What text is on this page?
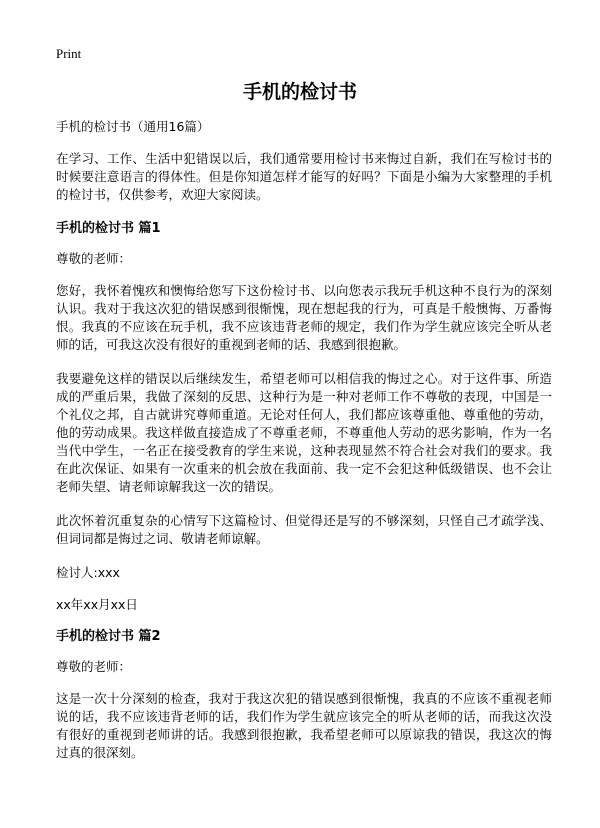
Print
手机的检讨书

手机的检讨书（通用16篇）

在学习、工作、生活中犯错误以后，我们通常要用检讨书来悔过自新，我们在写检讨书的时候要注意语言的得体性。但是你知道怎样才能写的好吗？下面是小编为大家整理的手机的检讨书，仅供参考，欢迎大家阅读。

手机的检讨书 篇1

尊敬的老师：

您好，我怀着愧疚和懊悔给您写下这份检讨书、以向您表示我玩手机这种不良行为的深刻认识。我对于我这次犯的错误感到很惭愧，现在想起我的行为，可真是千般懊悔、万番悔恨。我真的不应该在玩手机，我不应该违背老师的规定，我们作为学生就应该完全听从老师的话，可我这次没有很好的重视到老师的话、我感到很抱歉。

我要避免这样的错误以后继续发生，希望老师可以相信我的悔过之心。对于这件事、所造成的严重后果，我做了深刻的反思、这种行为是一种对老师工作不尊敬的表现，中国是一个礼仪之邦，自古就讲究尊师重道。无论对任何人，我们都应该尊重他、尊重他的劳动，他的劳动成果。我这样做直接造成了不尊重老师，不尊重他人劳动的恶劣影响，作为一名当代中学生，一名正在接受教育的学生来说，这种表现显然不符合社会对我们的要求。我在此次保证、如果有一次重来的机会放在我面前、我一定不会犯这种低级错误、也不会让老师失望、请老师谅解我这一次的错误。

此次怀着沉重复杂的心情写下这篇检讨、但觉得还是写的不够深刻，只怪自己才疏学浅、但词词都是悔过之词、敬请老师谅解。

检讨人:xxx

xx年xx月xx日

手机的检讨书 篇2

尊敬的老师：

这是一次十分深刻的检查，我对于我这次犯的错误感到很惭愧，我真的不应该不重视老师说的话，我不应该违背老师的话，我们作为学生就应该完全的听从老师的话，而我这次没有很好的重视到老师讲的话。我感到很抱歉，我希望老师可以原谅我的错误，我这次的悔过真的很深刻。
